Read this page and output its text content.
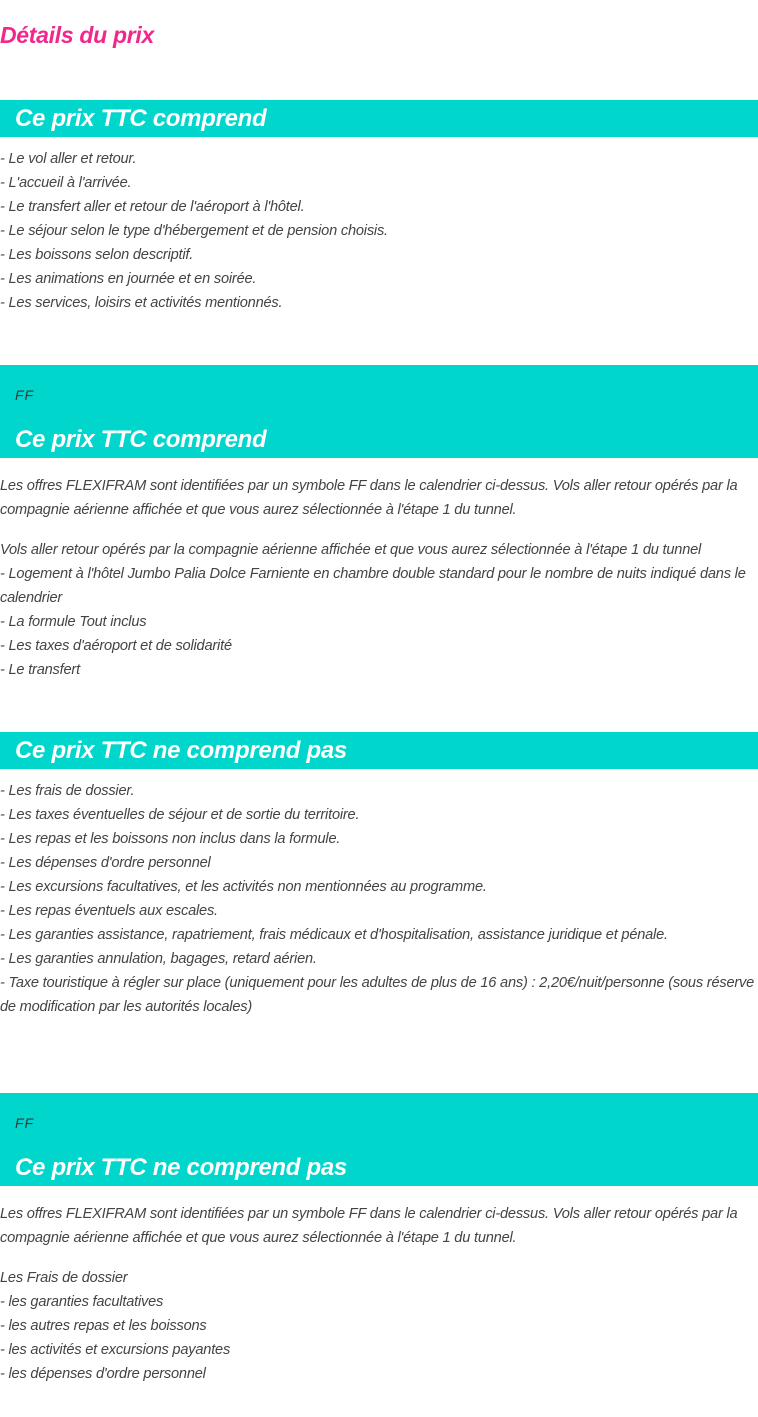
Détails du prix
Ce prix TTC comprend
- Le vol aller et retour.
- L'accueil à l'arrivée.
- Le transfert aller et retour de l'aéroport à l'hôtel.
- Le séjour selon le type d'hébergement et de pension choisis.
- Les boissons selon descriptif.
- Les animations en journée et en soirée.
- Les services, loisirs et activités mentionnés.
FF
Ce prix TTC comprend

Les offres FLEXIFRAM sont identifiées par un symbole FF dans le calendrier ci-dessus. Vols aller retour opérés par la compagnie aérienne affichée et que vous aurez sélectionnée à l'étape 1 du tunnel.

Vols aller retour opérés par la compagnie aérienne affichée et que vous aurez sélectionnée à l'étape 1 du tunnel

- Logement à l'hôtel Jumbo Palia Dolce Farniente en chambre double standard pour le nombre de nuits indiqué dans le calendrier

- La formule Tout inclus

- Les taxes d'aéroport et de solidarité

- Le transfert

Ce prix TTC ne comprend pas
- Les frais de dossier.
- Les taxes éventuelles de séjour et de sortie du territoire.
- Les repas et les boissons non inclus dans la formule.
- Les dépenses d'ordre personnel
- Les excursions facultatives, et les activités non mentionnées au programme.
- Les repas éventuels aux escales.
- Les garanties assistance, rapatriement, frais médicaux et d'hospitalisation, assistance juridique et pénale.
- Les garanties annulation, bagages, retard aérien.
- Taxe touristique à régler sur place (uniquement pour les adultes de plus de 16 ans) : 2,20€/nuit/personne (sous réserve de modification par les autorités locales)
FF
Ce prix TTC ne comprend pas

Les offres FLEXIFRAM sont identifiées par un symbole FF dans le calendrier ci-dessus. Vols aller retour opérés par la compagnie aérienne affichée et que vous aurez sélectionnée à l'étape 1 du tunnel.

Les Frais de dossier

- les garanties facultatives

- les autres repas et les boissons

- les activités et excursions payantes

- les dépenses d'ordre personnel
